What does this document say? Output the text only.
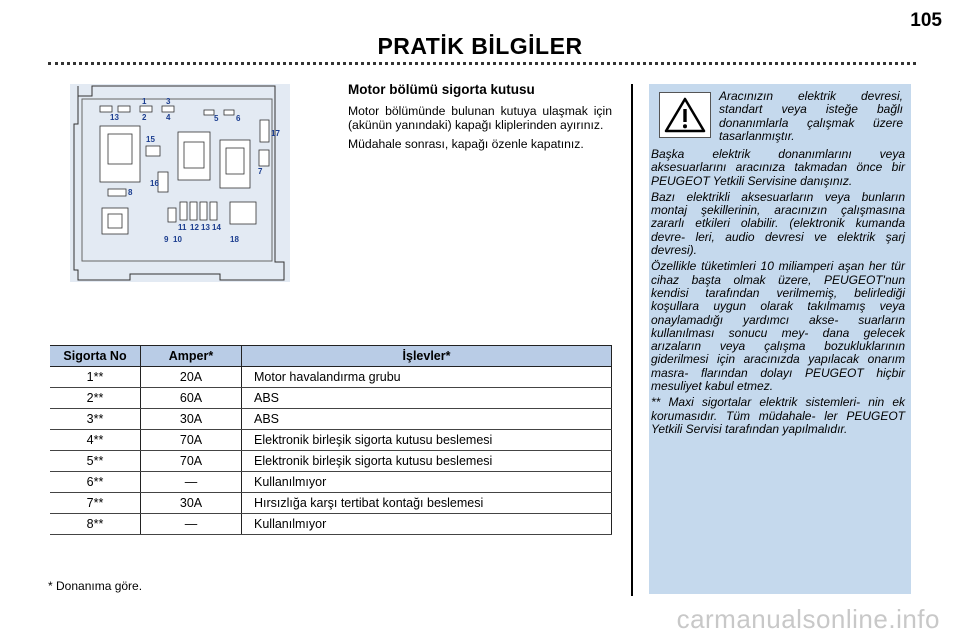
105
PRATİK BİLGİLER
1 3
2 4	5 6
13
7
15
16
8
11 12 13 14
9 10	18
17
Motor bölümü sigorta kutusu

Motor bölümünde bulunan kutuya ulaşmak için (akünün yanındaki) kapağı kliplerinden ayırınız.

Müdahale sonrası, kapağı özenle kapatınız.

Sigorta No	Amper*	İşlevler*
1**	20A	Motor havalandırma grubu
2**	60A	ABS
3**	30A	ABS
4**	70A	Elektronik birleşik sigorta kutusu beslemesi
5**	70A	Elektronik birleşik sigorta kutusu beslemesi
6**	—	Kullanılmıyor
7**	30A	Hırsızlığa karşı tertibat kontağı beslemesi
8**	—	Kullanılmıyor
* Donanıma göre.
Aracınızın elektrik devresi, standart veya isteğe bağlı donanımlarla çalışmak üzere tasarlanmıştır.

Başka elektrik donanımlarını veya aksesuarlarını aracınıza takmadan önce bir PEUGEOT Yetkili Servisine danışınız.

Bazı elektrikli aksesuarların veya bunların montaj şekillerinin, aracınızın çalışmasına zararlı etkileri olabilir. (elektronik kumanda devre- leri, audio devresi ve elektrik şarj devresi).

Özellikle tüketimleri 10 miliamperi aşan her tür cihaz başta olmak üzere, PEUGEOT'nun kendisi tarafından verilmemiş, belirlediği koşullara uygun olarak takılmamış veya onaylamadığı yardımcı akse- suarların kullanılması sonucu mey- dana gelecek arızaların veya çalışma bozukluklarının giderilmesi için aracınızda yapılacak onarım masra- flarından dolayı PEUGEOT hiçbir mesuliyet kabul etmez.

** Maxi sigortalar elektrik sistemleri- nin ek korumasıdır. Tüm müdahale- ler PEUGEOT Yetkili Servisi tarafından yapılmalıdır.

carmanualsonline.info
